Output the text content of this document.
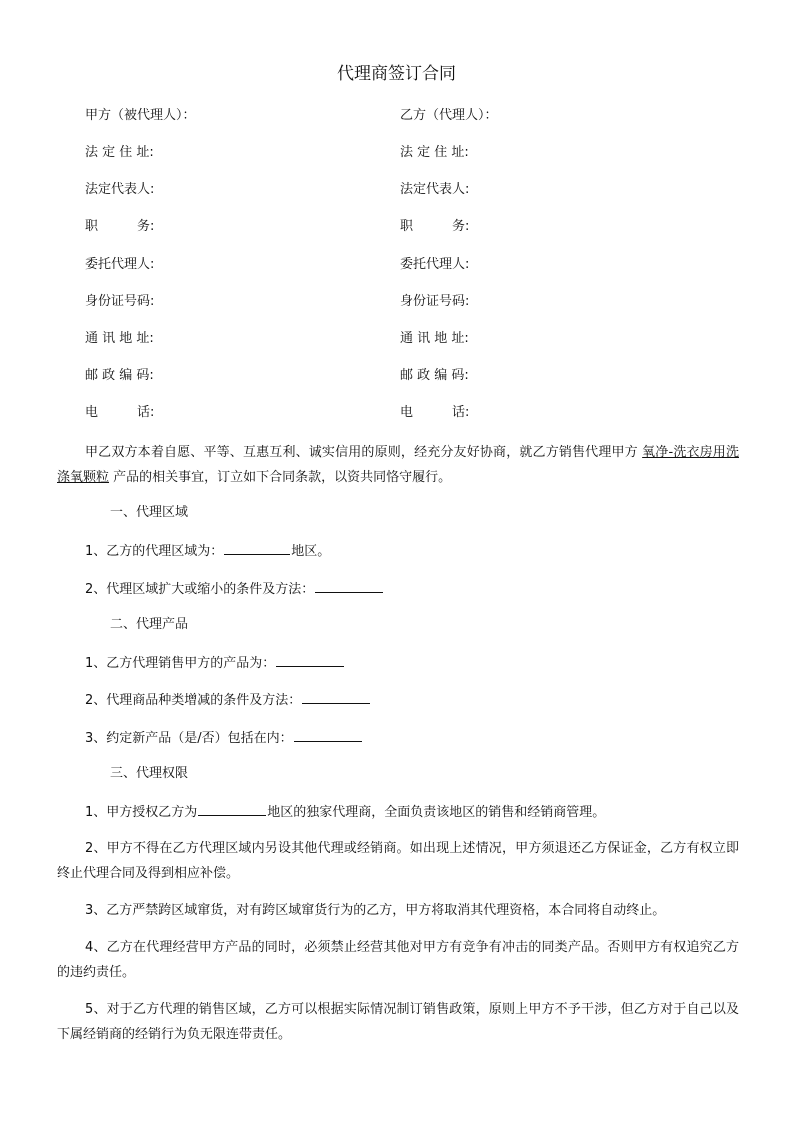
代理商签订合同
甲方（被代理人）：	乙方（代理人）：
法 定 住 址:	法 定 住 址:
法定代表人:	法定代表人:
职　　　务:	职　　　务:
委托代理人:	委托代理人:
身份证号码:	身份证号码:
通 讯 地 址:	通 讯 地 址:
邮 政 编 码:	邮 政 编 码:
电　　　话:	电　　　话:
甲乙双方本着自愿、平等、互惠互利、诚实信用的原则，经充分友好协商，就乙方销售代理甲方 氧净-洗衣房用洗涤氧颗粒 产品的相关事宜，订立如下合同条款，以资共同恪守履行。
一、代理区域
1、乙方的代理区域为：	地区。
2、代理区域扩大或缩小的条件及方法：
二、代理产品
1、乙方代理销售甲方的产品为：
2、代理商品种类增减的条件及方法：
3、约定新产品（是/否）包括在内：
三、代理权限
1、甲方授权乙方为	地区的独家代理商，全面负责该地区的销售和经销商管理。
2、甲方不得在乙方代理区域内另设其他代理或经销商。如出现上述情况，甲方须退还乙方保证金，乙方有权立即终止代理合同及得到相应补偿。
3、乙方严禁跨区域窜货，对有跨区域窜货行为的乙方，甲方将取消其代理资格，本合同将自动终止。
4、乙方在代理经营甲方产品的同时，必须禁止经营其他对甲方有竞争有冲击的同类产品。否则甲方有权追究乙方的违约责任。
5、对于乙方代理的销售区域，乙方可以根据实际情况制订销售政策，原则上甲方不予干涉，但乙方对于自己以及下属经销商的经销行为负无限连带责任。
